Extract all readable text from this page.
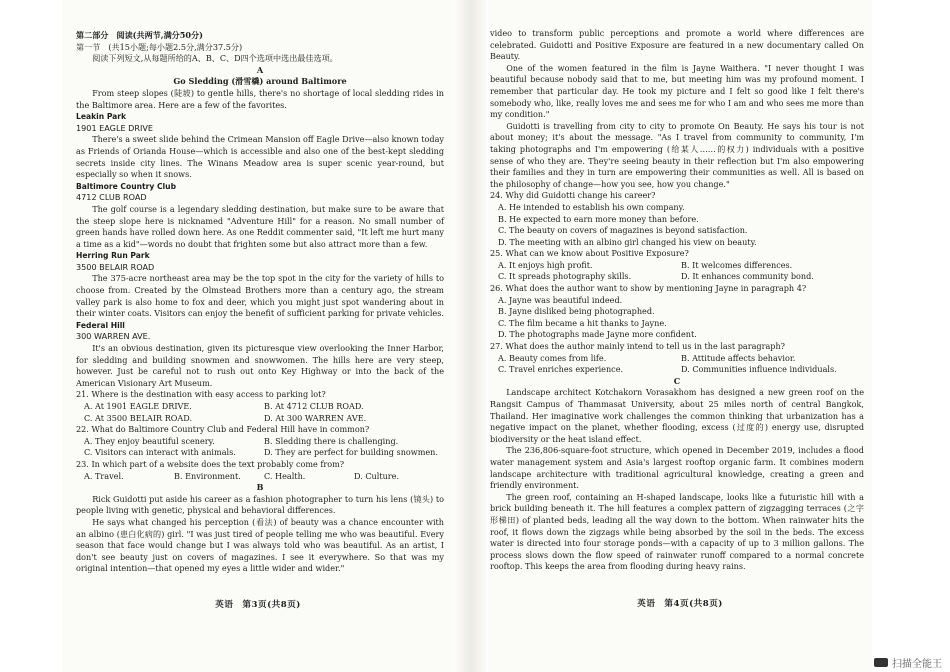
第二部分　阅读(共两节,满分50分)
第一节　(共15小题;每小题2.5分,满分37.5分)
阅读下列短文,从每题所给的A、B、C、D四个选项中选出最佳选项。
A
Go Sledding (滑雪橇) around Baltimore

From steep slopes (陡坡) to gentle hills, there's no shortage of local sledding rides in the Baltimore area. Here are a few of the favorites.

Leakin Park
1901 EAGLE DRIVE

There's a sweet slide behind the Crimean Mansion off Eagle Drive—also known today as Friends of Orianda House—which is accessible and also one of the best-kept sledding secrets inside city lines. The Winans Meadow area is super scenic year-round, but especially so when it snows.

Baltimore Country Club
4712 CLUB ROAD

The golf course is a legendary sledding destination, but make sure to be aware that the steep slope here is nicknamed "Adventure Hill" for a reason. No small number of green hands have rolled down here. As one Reddit commenter said, "It left me hurt many a time as a kid"—words no doubt that frighten some but also attract more than a few.

Herring Run Park
3500 BELAIR ROAD

The 375-acre northeast area may be the top spot in the city for the variety of hills to choose from. Created by the Olmstead Brothers more than a century ago, the stream valley park is also home to fox and deer, which you might just spot wandering about in their winter coats. Visitors can enjoy the benefit of sufficient parking for private vehicles.

Federal Hill
300 WARREN AVE.

It's an obvious destination, given its picturesque view overlooking the Inner Harbor, for sledding and building snowmen and snowwomen. The hills here are very steep, however. Just be careful not to rush out onto Key Highway or into the back of the American Visionary Art Museum.

21. Where is the destination with easy access to parking lot?
A. At 1901 EAGLE DRIVE.	B. At 4712 CLUB ROAD.
C. At 3500 BELAIR ROAD.	D. At 300 WARREN AVE.
22. What do Baltimore Country Club and Federal Hill have in common?
A. They enjoy beautiful scenery.	B. Sledding there is challenging.
C. Visitors can interact with animals.	D. They are perfect for building snowmen.
23. In which part of a website does the text probably come from?
A. Travel.	B. Environment.	C. Health.	D. Culture.
B

Rick Guidotti put aside his career as a fashion photographer to turn his lens (镜头) to people living with genetic, physical and behavioral differences.

He says what changed his perception (看法) of beauty was a chance encounter with an albino (患白化病的) girl. "I was just tired of people telling me who was beautiful. Every season that face would change but I was always told who was beautiful. As an artist, I don't see beauty just on covers of magazines. I see it everywhere. So that was my original intention—that opened my eyes a little wider and wider."

英语　第3页(共8页)

video to transform public perceptions and promote a world where differences are celebrated. Guidotti and Positive Exposure are featured in a new documentary called On Beauty.

One of the women featured in the film is Jayne Waithera. "I never thought I was beautiful because nobody said that to me, but meeting him was my profound moment. I remember that particular day. He took my picture and I felt so good like I felt there's somebody who, like, really loves me and sees me for who I am and who sees me more than my condition."

Guidotti is travelling from city to city to promote On Beauty. He says his tour is not about money; it's about the message. "As I travel from community to community, I'm taking photographs and I'm empowering (给某人……的权力) individuals with a positive sense of who they are. They're seeing beauty in their reflection but I'm also empowering their families and they in turn are empowering their communities as well. All is based on the philosophy of change—how you see, how you change."

24. Why did Guidotti change his career?
A. He intended to establish his own company.
B. He expected to earn more money than before.
C. The beauty on covers of magazines is beyond satisfaction.
D. The meeting with an albino girl changed his view on beauty.
25. What can we know about Positive Exposure?
A. It enjoys high profit.	B. It welcomes differences.
C. It spreads photography skills.	D. It enhances community bond.
26. What does the author want to show by mentioning Jayne in paragraph 4?
A. Jayne was beautiful indeed.
B. Jayne disliked being photographed.
C. The film became a hit thanks to Jayne.
D. The photographs made Jayne more confident.
27. What does the author mainly intend to tell us in the last paragraph?
A. Beauty comes from life.	B. Attitude affects behavior.
C. Travel enriches experience.	D. Communities influence individuals.
C

Landscape architect Kotchakorn Vorasakhom has designed a new green roof on the Rangsit Campus of Thammasat University, about 25 miles north of central Bangkok, Thailand. Her imaginative work challenges the common thinking that urbanization has a negative impact on the planet, whether flooding, excess (过度的) energy use, disrupted biodiversity or the heat island effect.

The 236,806-square-foot structure, which opened in December 2019, includes a flood water management system and Asia's largest rooftop organic farm. It combines modern landscape architecture with traditional agricultural knowledge, creating a green and friendly environment.

The green roof, containing an H-shaped landscape, looks like a futuristic hill with a brick building beneath it. The hill features a complex pattern of zigzagging terraces (之字形梯田) of planted beds, leading all the way down to the bottom. When rainwater hits the roof, it flows down the zigzags while being absorbed by the soil in the beds. The excess water is directed into four storage ponds—with a capacity of up to 3 million gallons. The process slows down the flow speed of rainwater runoff compared to a normal concrete rooftop. This keeps the area from flooding during heavy rains.

英语　第4页(共8页)
扫描全能王
